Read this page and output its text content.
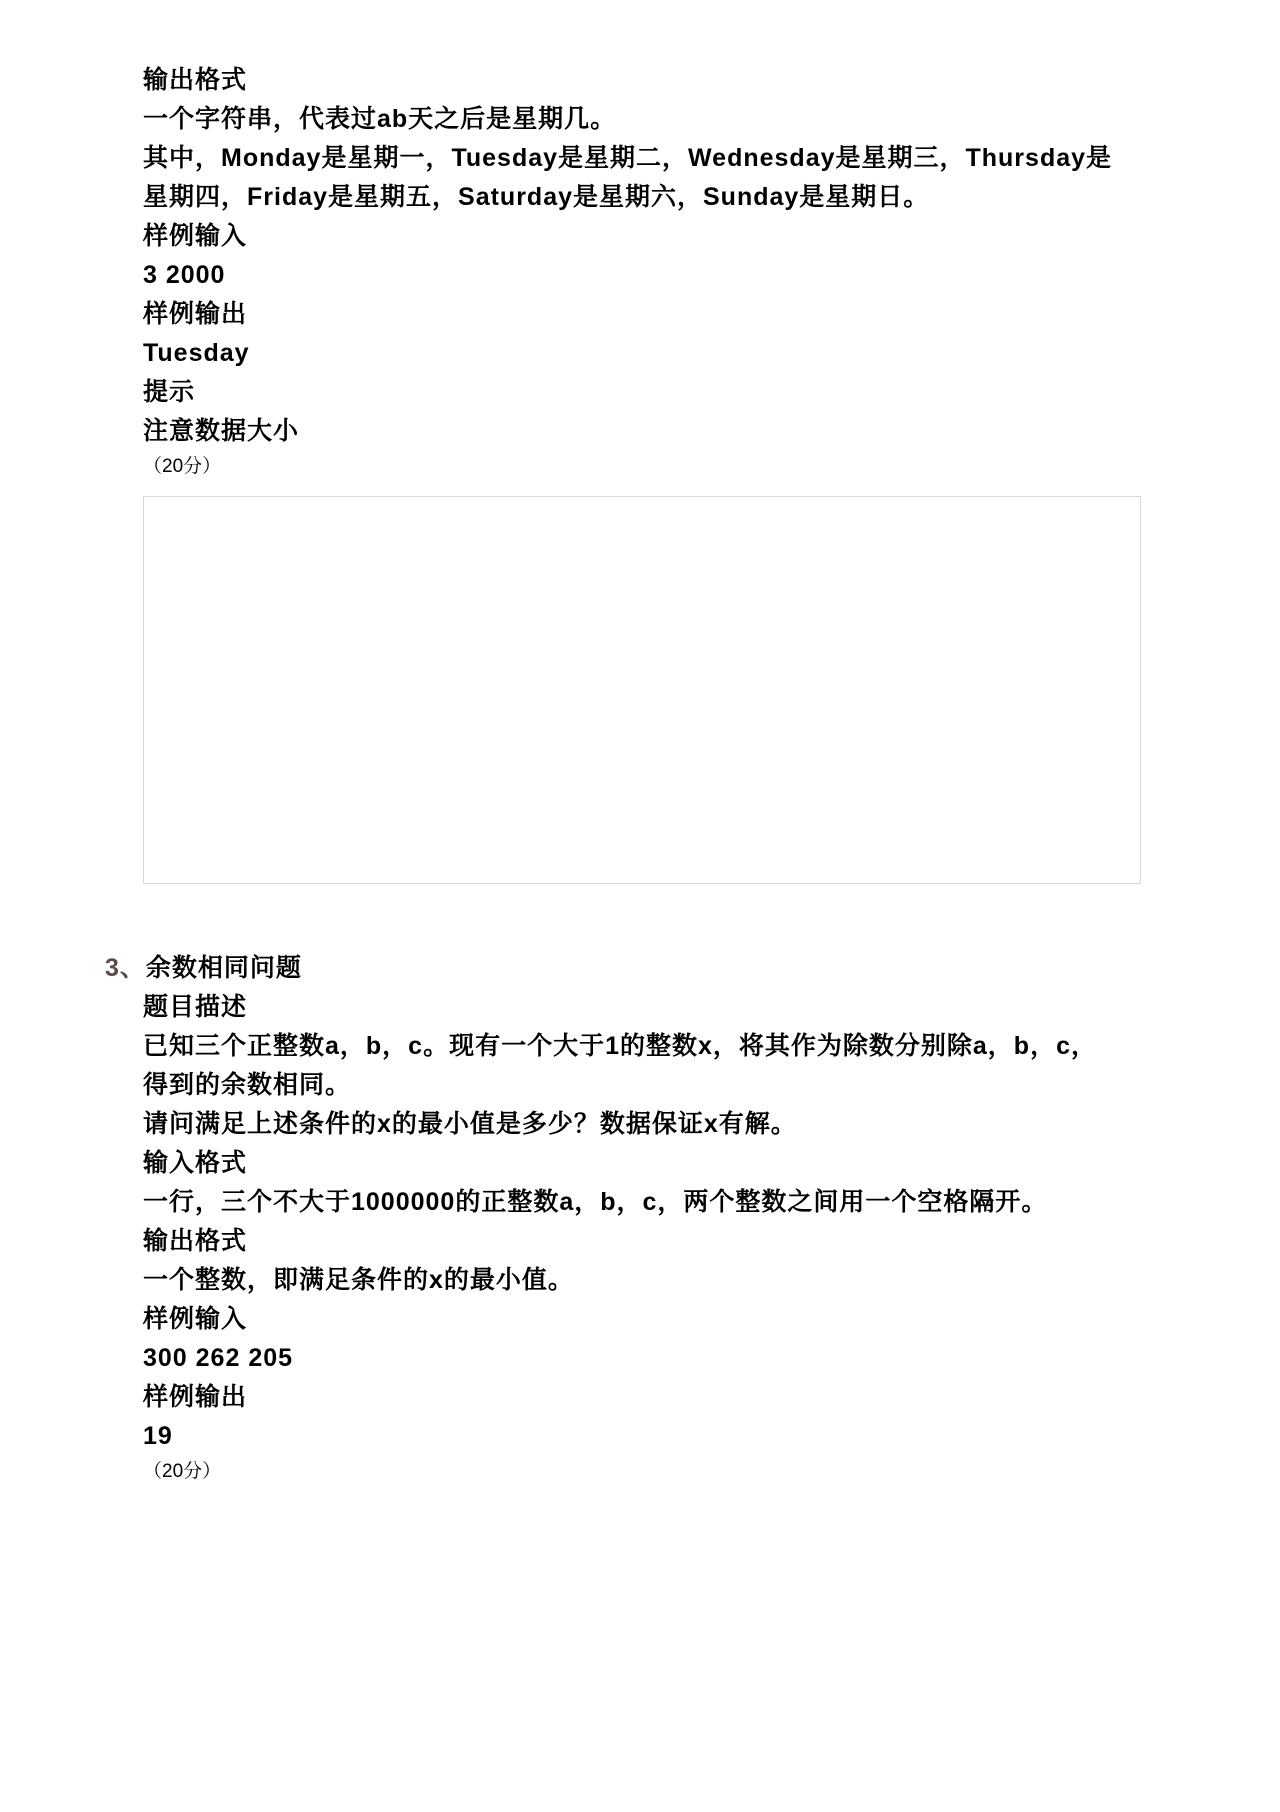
输出格式
一个字符串，代表过ab天之后是星期几。
其中，Monday是星期一，Tuesday是星期二，Wednesday是星期三，Thursday是
星期四，Friday是星期五，Saturday是星期六，Sunday是星期日。
样例输入
3 2000
样例输出
Tuesday
提示
注意数据大小
（20分）
3、余数相同问题
题目描述
已知三个正整数a，b，c。现有一个大于1的整数x，将其作为除数分别除a，b，c，
得到的余数相同。
请问满足上述条件的x的最小值是多少？数据保证x有解。
输入格式
一行，三个不大于1000000的正整数a，b，c，两个整数之间用一个空格隔开。
输出格式
一个整数，即满足条件的x的最小值。
样例输入
300 262 205
样例输出
19
（20分）
